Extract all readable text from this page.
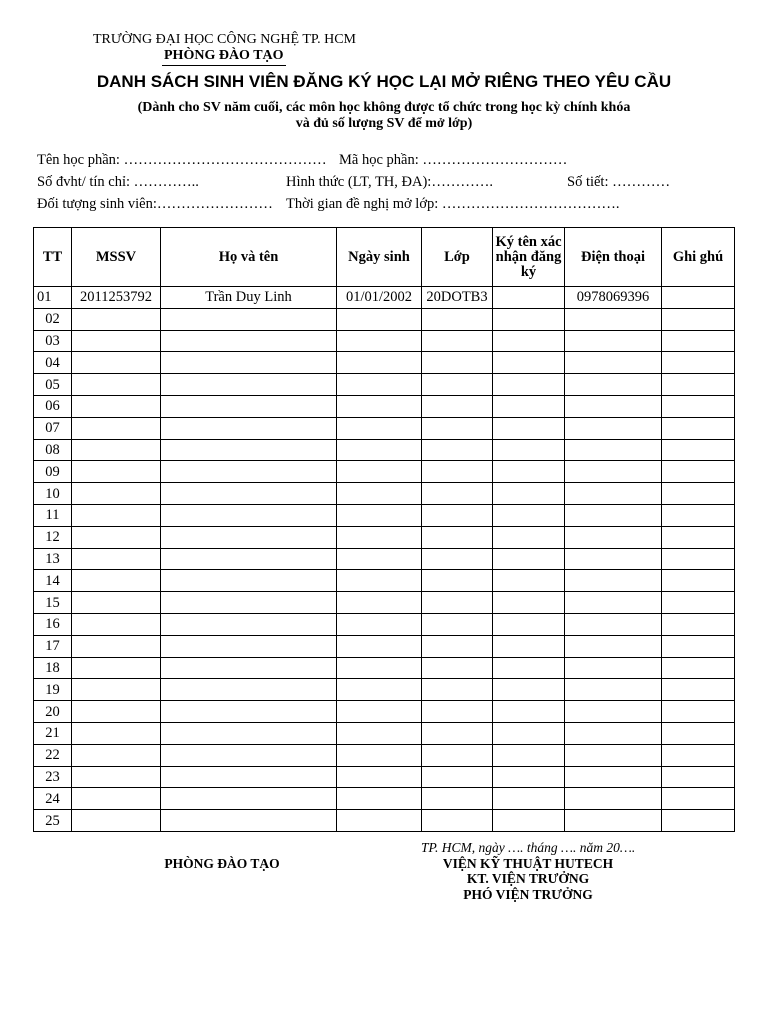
TRƯỜNG ĐẠI HỌC CÔNG NGHỆ TP. HCM
PHÒNG ĐÀO TẠO
DANH SÁCH SINH VIÊN ĐĂNG KÝ HỌC LẠI MỞ RIÊNG THEO YÊU CẦU
(Dành cho SV năm cuối, các môn học không được tổ chức trong học kỳ chính khóa
và đủ số lượng SV để mở lớp)
Tên học phần: …………………………………… Mã học phần: …………………………
Số đvht/ tín chỉ: …………..	Hình thức (LT, TH, ĐA):………….	Số tiết: …………
Đối tượng sinh viên:…………………… Thời gian đề nghị mở lớp: ……………………………….
TT	MSSV	Họ và tên	Ngày sinh	Lớp	Ký tên xác nhận đăng ký	Điện thoại	Ghi ghú
01	2011253792	Trần Duy Linh	01/01/2002	20DOTB3		0978069396	
02							
03							
04							
05							
06							
07							
08							
09							
10							
11							
12							
13							
14							
15							
16							
17							
18							
19							
20							
21							
22							
23							
24							
25							
TP. HCM, ngày …. tháng …. năm 20….
PHÒNG ĐÀO TẠO	VIỆN KỸ THUẬT HUTECH
KT. VIỆN TRƯỞNG
PHÓ VIỆN TRƯỞNG
